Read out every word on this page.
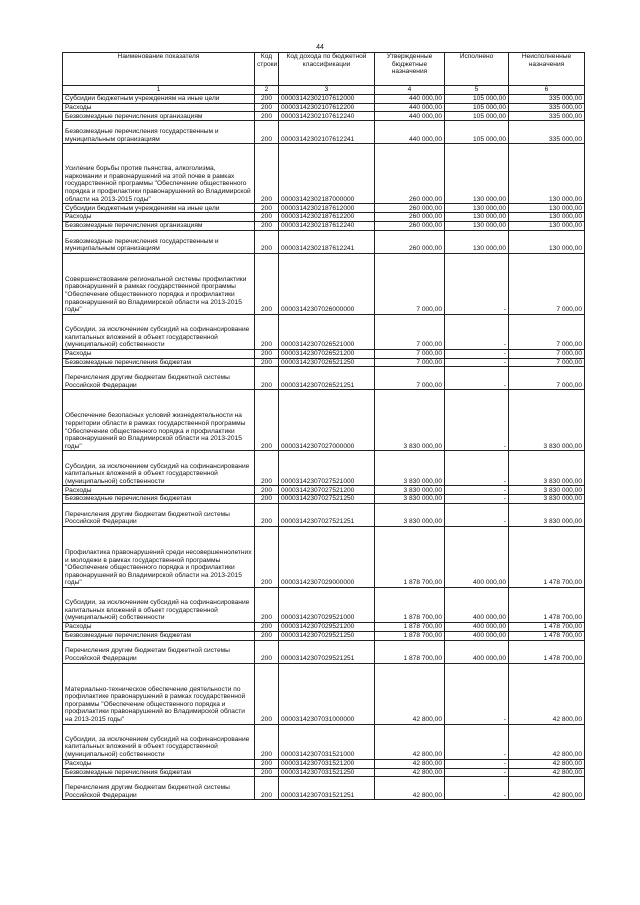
44
Наименование показателя	Код строки	Код дохода по бюджетной классификации	Утвержденные бюджетные назначения	Исполнено	Неисполненные назначения
1	2	3	4	5	6
Субсидии бюджетным учреждениям на иные цели	200	00003142302107612000	440 000,00	105 000,00	335 000,00
Расходы	200	00003142302107612200	440 000,00	105 000,00	335 000,00
Безвозмездные перечисления организациям	200	00003142302107612240	440 000,00	105 000,00	335 000,00
Безвозмездные перечисления государственным и муниципальным организациям	200	00003142302107612241	440 000,00	105 000,00	335 000,00
Усиление борьбы против пьянства, алкоголизма, наркомании и правонарушений на этой почве в рамках государственной программы "Обеспечение общественного порядка и профилактики правонарушений во Владимирской области на 2013-2015 годы"	200	00003142302187000000	260 000,00	130 000,00	130 000,00
Субсидии бюджетным учреждениям на иные цели	200	00003142302187612000	260 000,00	130 000,00	130 000,00
Расходы	200	00003142302187612200	260 000,00	130 000,00	130 000,00
Безвозмездные перечисления организациям	200	00003142302187612240	260 000,00	130 000,00	130 000,00
Безвозмездные перечисления государственным и муниципальным организациям	200	00003142302187612241	260 000,00	130 000,00	130 000,00
Совершенствование региональной системы профилактики правонарушений в рамках государственной программы "Обеспечение общественного порядка и профилактики правонарушений во Владимирской области на 2013-2015 годы"	200	00003142307026000000	7 000,00	-	7 000,00
Субсидии, за исключением субсидий на софинансирование капитальных вложений в объект государственной (муниципальной) собственности	200	00003142307026521000	7 000,00	-	7 000,00
Расходы	200	00003142307026521200	7 000,00	-	7 000,00
Безвозмездные перечисления бюджетам	200	00003142307026521250	7 000,00	-	7 000,00
Перечисления другим бюджетам бюджетной системы Российской Федерации	200	00003142307026521251	7 000,00	-	7 000,00
Обеспечение безопасных условий жизнедеятельности на территории области в рамках государственной программы "Обеспечение общественного порядка и профилактики правонарушений во Владимирской области на 2013-2015 годы"	200	00003142307027000000	3 830 000,00	-	3 830 000,00
Субсидии, за исключением субсидий на софинансирование капитальных вложений в объект государственной (муниципальной) собственности	200	00003142307027521000	3 830 000,00	-	3 830 000,00
Расходы	200	00003142307027521200	3 830 000,00	-	3 830 000,00
Безвозмездные перечисления бюджетам	200	00003142307027521250	3 830 000,00	-	3 830 000,00
Перечисления другим бюджетам бюджетной системы Российской Федерации	200	00003142307027521251	3 830 000,00	-	3 830 000,00
Профилактика правонарушений среди несовершеннолетних и молодежи в рамках государственной программы "Обеспечение общественного порядка и профилактики правонарушений во Владимирской области на 2013-2015 годы"	200	00003142307029000000	1 878 700,00	400 000,00	1 478 700,00
Субсидии, за исключением субсидий на софинансирование капитальных вложений в объект государственной (муниципальной) собственности	200	00003142307029521000	1 878 700,00	400 000,00	1 478 700,00
Расходы	200	00003142307029521200	1 878 700,00	400 000,00	1 478 700,00
Безвозмездные перечисления бюджетам	200	00003142307029521250	1 878 700,00	400 000,00	1 478 700,00
Перечисления другим бюджетам бюджетной системы Российской Федерации	200	00003142307029521251	1 878 700,00	400 000,00	1 478 700,00
Материально-техническое обеспечение деятельности по профилактике правонарушений в рамках государственной программы "Обеспечение общественного порядка и профилактики правонарушений во Владимирской области на 2013-2015 годы"	200	00003142307031000000	42 800,00	-	42 800,00
Субсидии, за исключением субсидий на софинансирование капитальных вложений в объект государственной (муниципальной) собственности	200	00003142307031521000	42 800,00	-	42 800,00
Расходы	200	00003142307031521200	42 800,00	-	42 800,00
Безвозмездные перечисления бюджетам	200	00003142307031521250	42 800,00	-	42 800,00
Перечисления другим бюджетам бюджетной системы Российской Федерации	200	00003142307031521251	42 800,00	-	42 800,00
